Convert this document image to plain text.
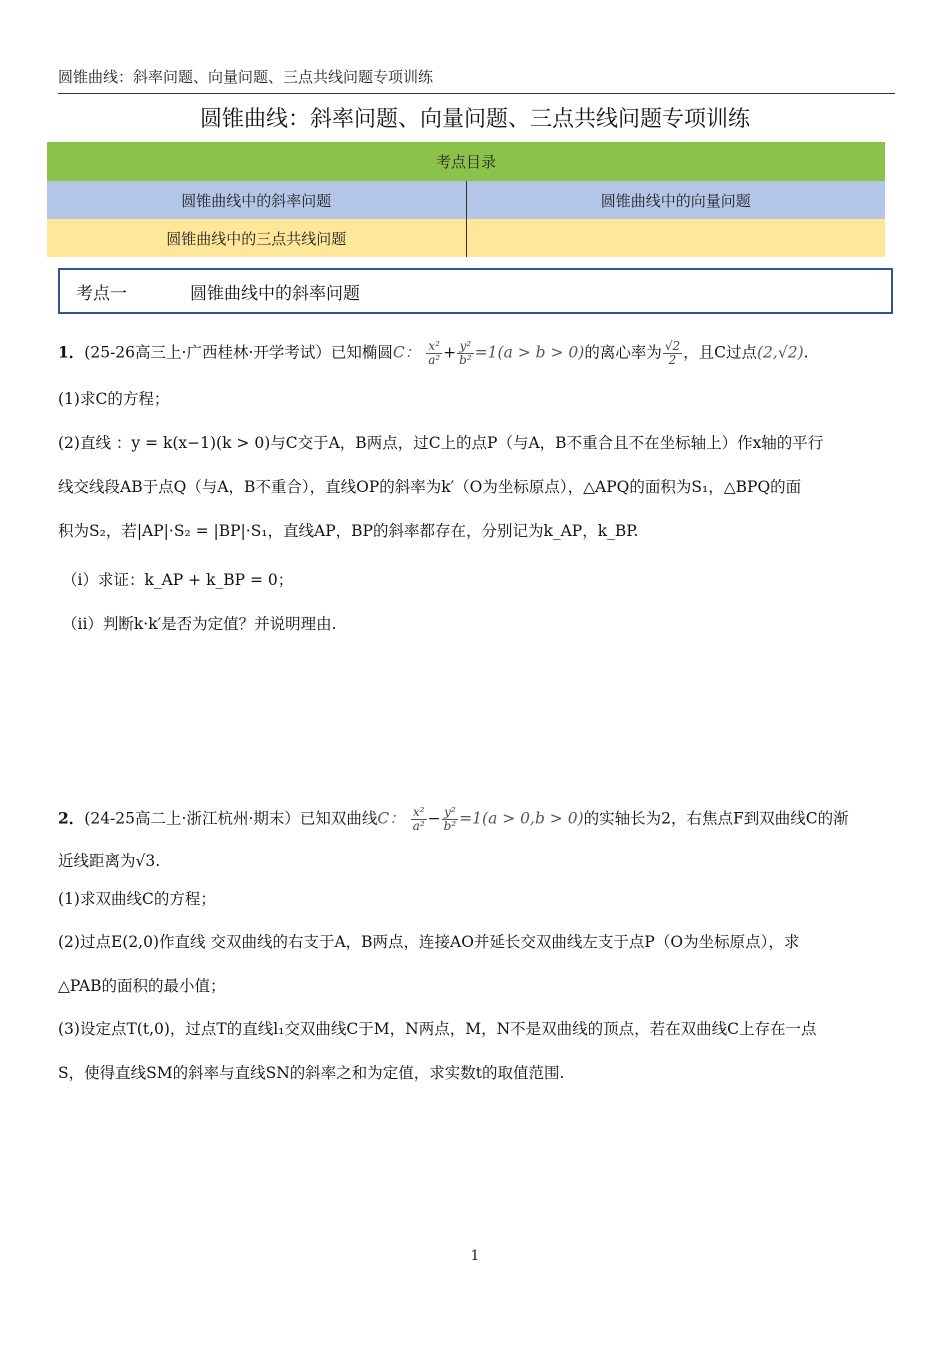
圆锥曲线：斜率问题、向量问题、三点共线问题专项训练
圆锥曲线：斜率问题、向量问题、三点共线问题专项训练
考点目录
圆锥曲线中的斜率问题	圆锥曲线中的向量问题
圆锥曲线中的三点共线问题
考点一	圆锥曲线中的斜率问题
1．(25-26高三上·广西桂林·开学考试）已知椭圆C： $\frac{\text{x²}}{\text{a²}} + \frac{\text{y²}}{\text{b²}} =1(a > b > 0)$的离心率为 $\frac{√2}{2}$ ，且C过点(2,√2).
(1)求C的方程；
(2)直线 ：y = k(x−1)(k > 0)与C交于A，B两点，过C上的点P（与A，B不重合且不在坐标轴上）作x轴的平行
线交线段AB于点Q（与A，B不重合），直线OP的斜率为k′（O为坐标原点），△APQ的面积为S₁，△BPQ的面
积为S₂，若|AP|·S₂ = |BP|·S₁，直线AP，BP的斜率都存在，分别记为k_AP，k_BP.
（i）求证：k_AP + k_BP = 0；
（ii）判断k·k′是否为定值？并说明理由.
2．(24-25高二上·浙江杭州·期末）已知双曲线C： $\frac{\text{x²}}{\text{a²}} - \frac{\text{y²}}{\text{b²}} =1(a > 0,b > 0)$的实轴长为2，右焦点F到双曲线C的渐
近线距离为√3.
(1)求双曲线C的方程；
(2)过点E(2,0)作直线 交双曲线的右支于A，B两点，连接AO并延长交双曲线左支于点P（O为坐标原点），求
△PAB的面积的最小值；
(3)设定点T(t,0)，过点T的直线l₁交双曲线C于M，N两点，M，N不是双曲线的顶点，若在双曲线C上存在一点
S，使得直线SM的斜率与直线SN的斜率之和为定值，求实数t的取值范围.
1
